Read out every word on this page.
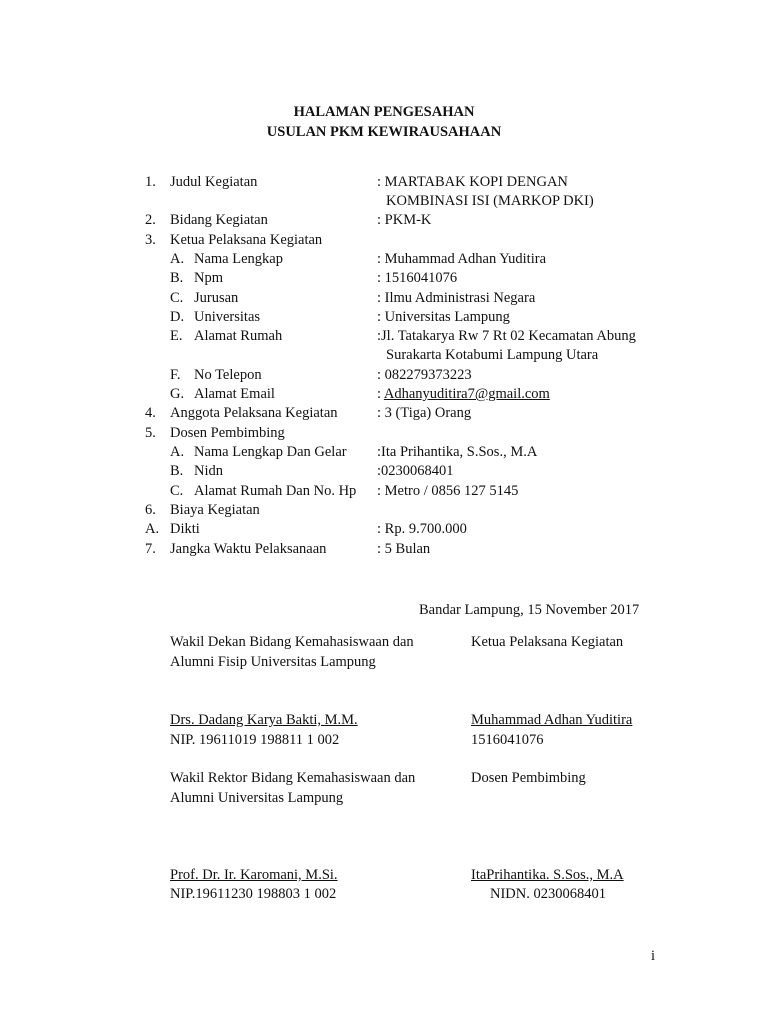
HALAMAN PENGESAHAN
USULAN PKM KEWIRAUSAHAAN
1. Judul Kegiatan	: MARTABAK KOPI DENGAN
KOMBINASI ISI (MARKOP DKI)
2. Bidang Kegiatan	: PKM-K
3. Ketua Pelaksana Kegiatan
A. Nama Lengkap	: Muhammad Adhan Yuditira
B. Npm	: 1516041076
C. Jurusan	: Ilmu Administrasi Negara
D. Universitas	: Universitas Lampung
E. Alamat Rumah	:Jl. Tatakarya Rw 7 Rt 02 Kecamatan Abung
Surakarta Kotabumi Lampung Utara
F. No Telepon	: 082279373223
G. Alamat Email	: Adhanyuditira7@gmail.com
4. Anggota Pelaksana Kegiatan	: 3 (Tiga) Orang
5. Dosen Pembimbing
A. Nama Lengkap Dan Gelar :Ita Prihantika, S.Sos., M.A
B. Nidn	:0230068401
C. Alamat Rumah Dan No. Hp : Metro / 0856 127 5145
6. Biaya Kegiatan
A. Dikti	: Rp. 9.700.000
7. Jangka Waktu Pelaksanaan	: 5 Bulan
Bandar Lampung, 15 November 2017
Wakil Dekan Bidang Kemahasiswaan dan
Alumni Fisip Universitas Lampung
Ketua Pelaksana Kegiatan
Drs. Dadang Karya Bakti, M.M.
NIP. 19611019 198811 1 002
Muhammad Adhan Yuditira
1516041076
Wakil Rektor Bidang Kemahasiswaan dan
Alumni Universitas Lampung
Dosen Pembimbing
Prof. Dr. Ir. Karomani, M.Si.
NIP.19611230 198803 1 002
ItaPrihantika. S.Sos., M.A
NIDN. 0230068401
i
